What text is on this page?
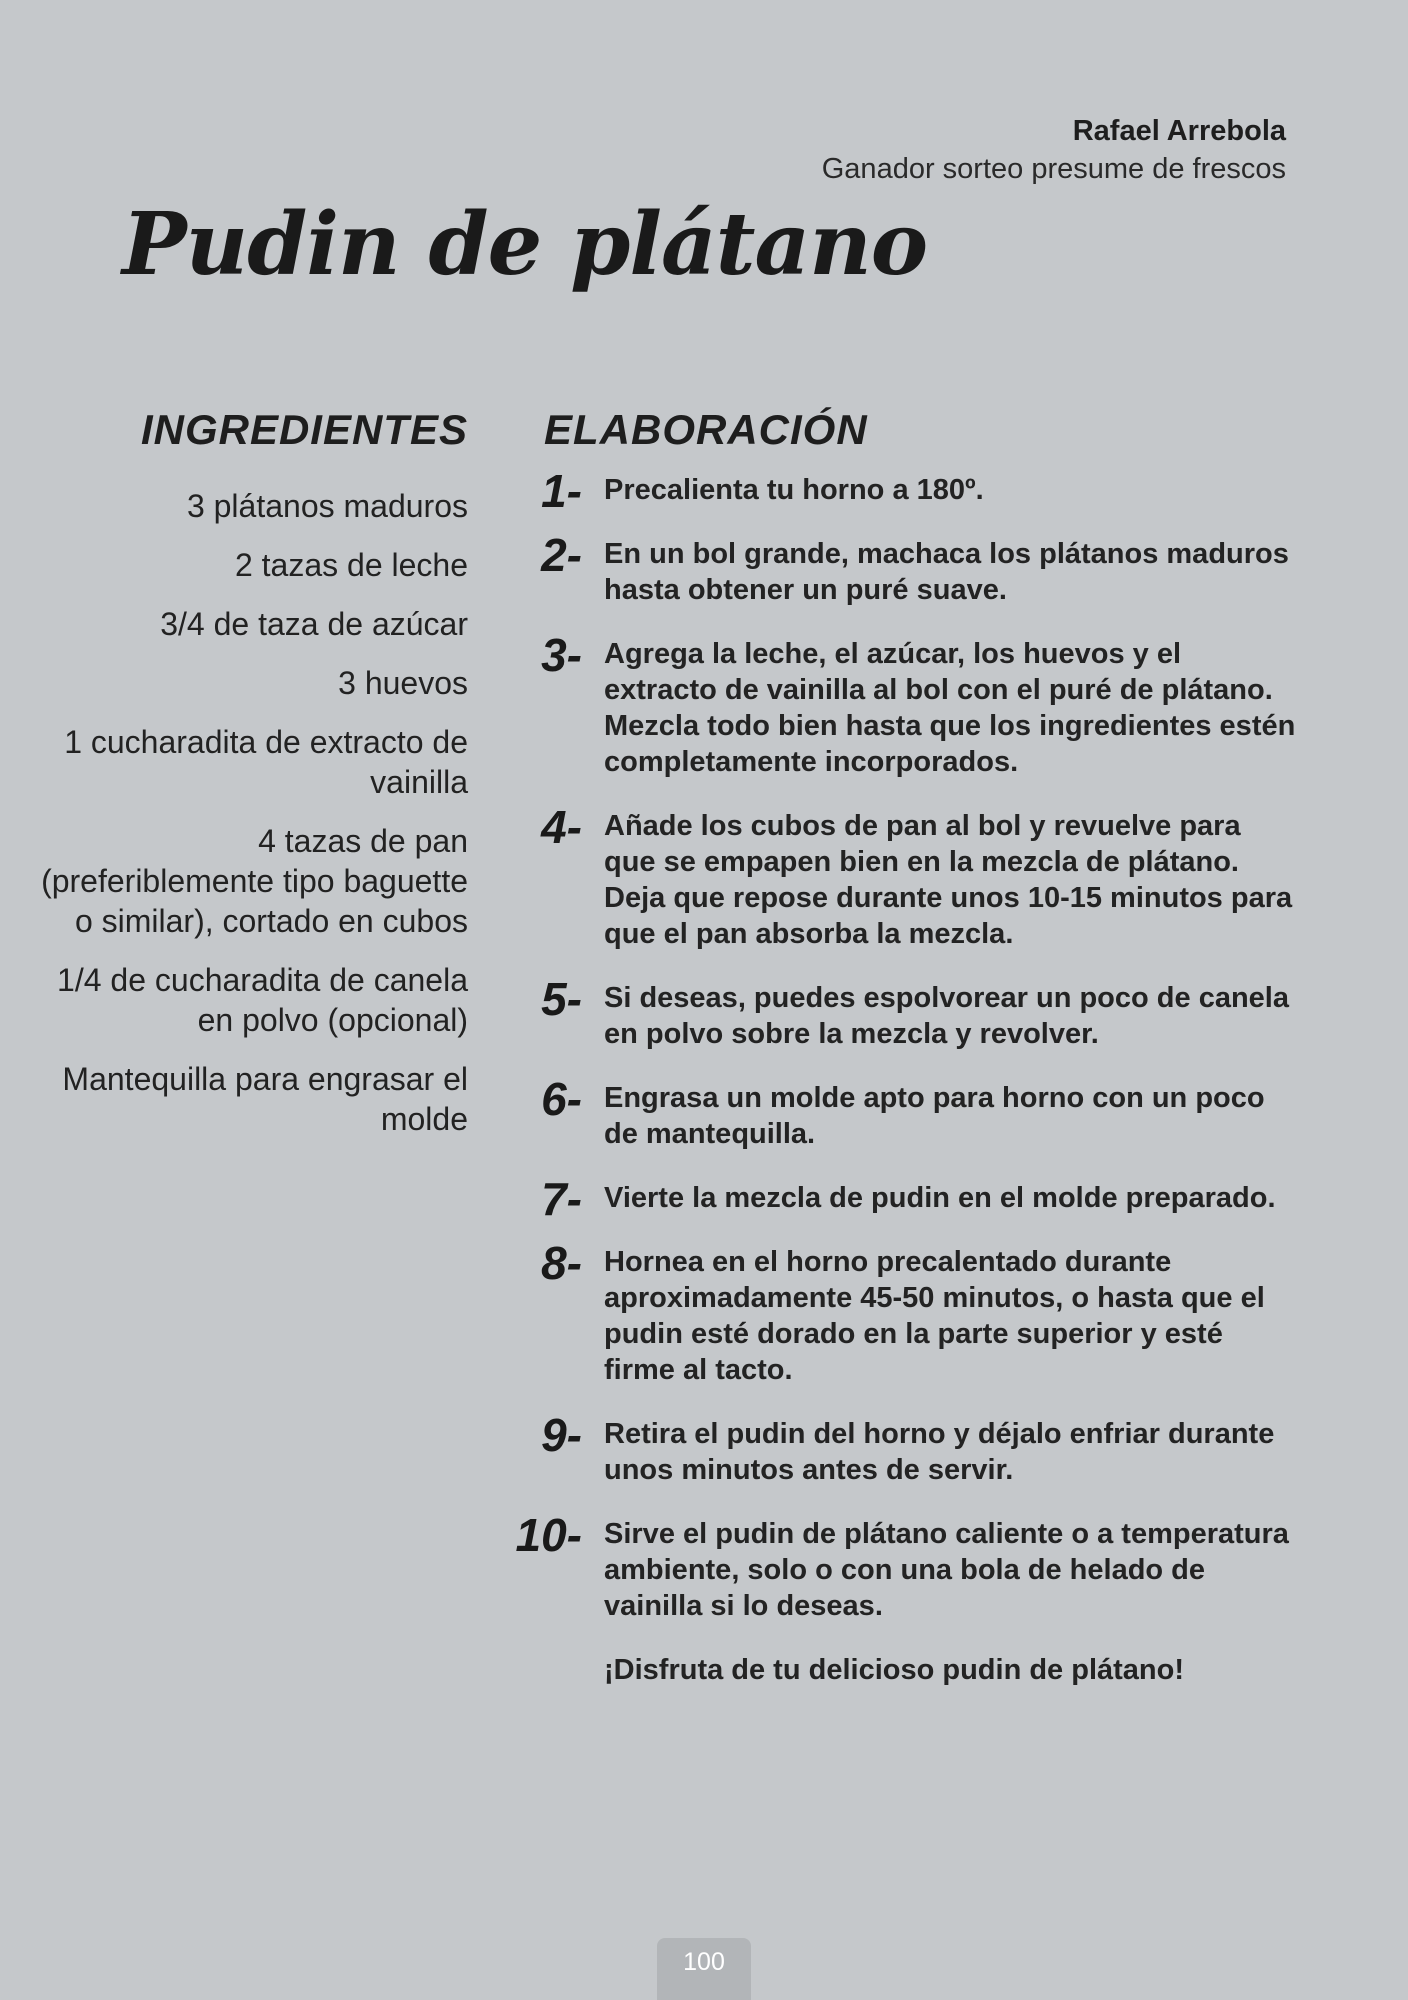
Rafael Arrebola
Ganador sorteo presume de frescos
Pudin de plátano
INGREDIENTES
3 plátanos maduros
2 tazas de leche
3/4 de taza de azúcar
3 huevos
1 cucharadita de extracto de vainilla
4 tazas de pan (preferiblemente tipo baguette o similar), cortado en cubos
1/4 de cucharadita de canela en polvo (opcional)
Mantequilla para engrasar el molde
ELABORACIÓN
1- Precalienta tu horno a 180º.
2- En un bol grande, machaca los plátanos maduros hasta obtener un puré suave.
3- Agrega la leche, el azúcar, los huevos y el extracto de vainilla al bol con el puré de plátano. Mezcla todo bien hasta que los ingredientes estén completamente incorporados.
4- Añade los cubos de pan al bol y revuelve para que se empapen bien en la mezcla de plátano. Deja que repose durante unos 10-15 minutos para que el pan absorba la mezcla.
5- Si deseas, puedes espolvorear un poco de canela en polvo sobre la mezcla y revolver.
6- Engrasa un molde apto para horno con un poco de mantequilla.
7- Vierte la mezcla de pudin en el molde preparado.
8- Hornea en el horno precalentado durante aproximadamente 45-50 minutos, o hasta que el pudin esté dorado en la parte superior y esté firme al tacto.
9- Retira el pudin del horno y déjalo enfriar durante unos minutos antes de servir.
10- Sirve el pudin de plátano caliente o a temperatura ambiente, solo o con una bola de helado de vainilla si lo deseas.
¡Disfruta de tu delicioso pudin de plátano!
100
